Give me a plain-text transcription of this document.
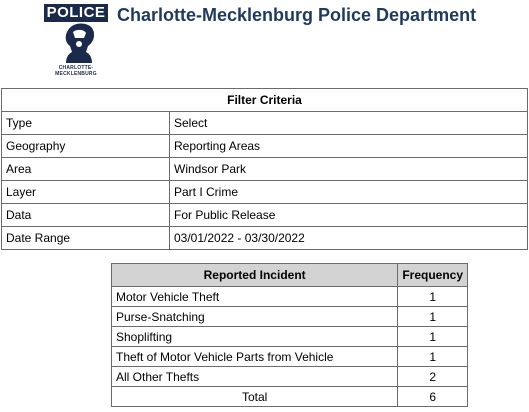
POLICE
CHARLOTTE-MECKLENBURG
Charlotte-Mecklenburg Police Department
Filter Criteria	
Type	Select
Geography	Reporting Areas
Area	Windsor Park
Layer	Part I Crime
Data	For Public Release
Date Range	03/01/2022 - 03/30/2022
Reported Incident	Frequency
Motor Vehicle Theft	1
Purse-Snatching	1
Shoplifting	1
Theft of Motor Vehicle Parts from Vehicle	1
All Other Thefts	2
Total	6
